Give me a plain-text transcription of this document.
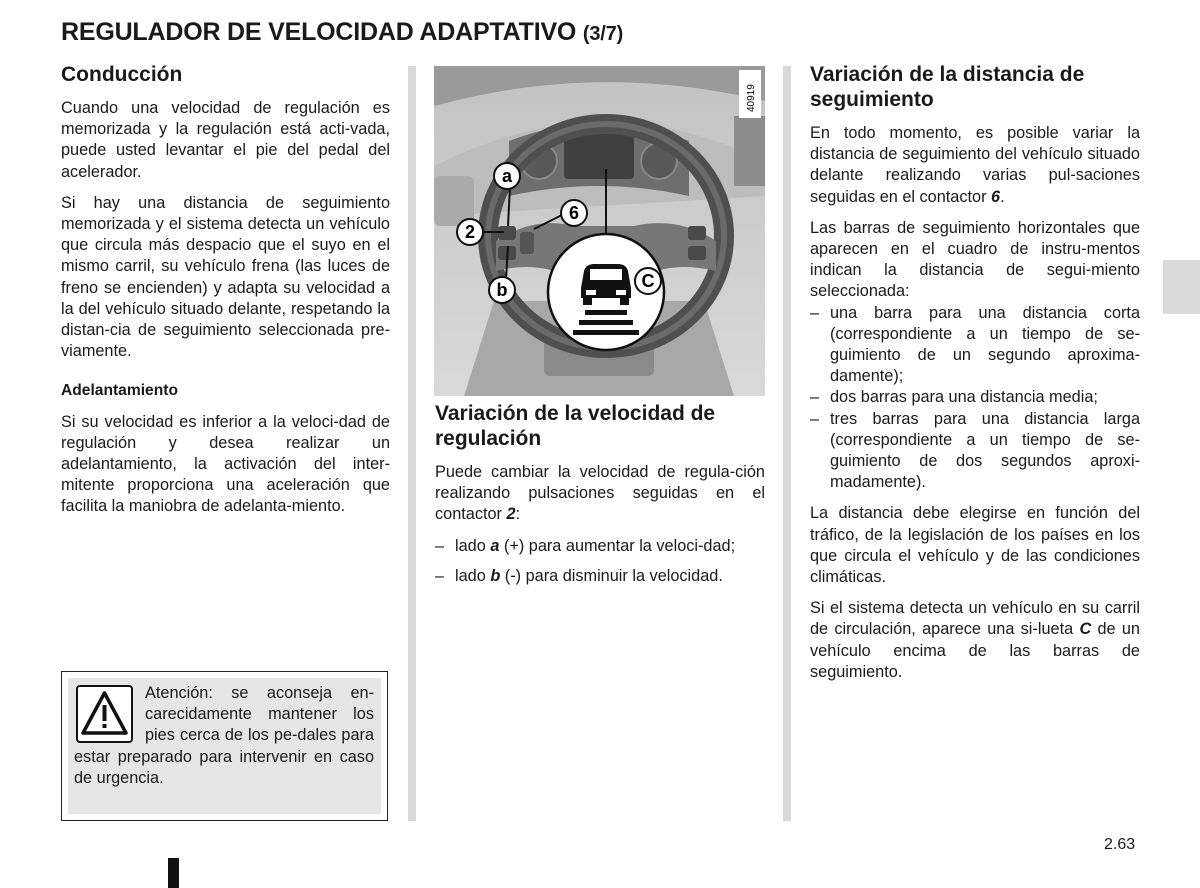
REGULADOR DE VELOCIDAD ADAPTATIVO (3/7)
Conducción

Cuando una velocidad de regulación es memorizada y la regulación está acti-vada, puede usted levantar el pie del pedal del acelerador.

Si hay una distancia de seguimiento memorizada y el sistema detecta un vehículo que circula más despacio que el suyo en el mismo carril, su vehículo frena (las luces de freno se encienden) y adapta su velocidad a la del vehículo situado delante, respetando la distan-cia de seguimiento seleccionada pre-viamente.

Adelantamiento

Si su velocidad es inferior a la veloci-dad de regulación y desea realizar un adelantamiento, la activación del inter-mitente proporciona una aceleración que facilita la maniobra de adelanta-miento.

Atención: se aconseja en-carecidamente mantener los pies cerca de los pe-dales para estar preparado para intervenir en caso de urgencia.

a
2
b
6
C
40919
Variación de la velocidad de regulación

Puede cambiar la velocidad de regula-ción realizando pulsaciones seguidas en el contactor 2:

– lado a (+) para aumentar la veloci-dad;
– lado b (-) para disminuir la velocidad.
Variación de la distancia de seguimiento

En todo momento, es posible variar la distancia de seguimiento del vehículo situado delante realizando varias pul-saciones seguidas en el contactor 6.

Las barras de seguimiento horizontales que aparecen en el cuadro de instru-mentos indican la distancia de segui-miento seleccionada:

– una barra para una distancia corta (correspondiente a un tiempo de se-guimiento de un segundo aproxima-damente);
– dos barras para una distancia media;
– tres barras para una distancia larga (correspondiente a un tiempo de se-guimiento de dos segundos aproxi-madamente).

La distancia debe elegirse en función del tráfico, de la legislación de los países en los que circula el vehículo y de las condiciones climáticas.

Si el sistema detecta un vehículo en su carril de circulación, aparece una si-lueta C de un vehículo encima de las barras de seguimiento.

2.63
